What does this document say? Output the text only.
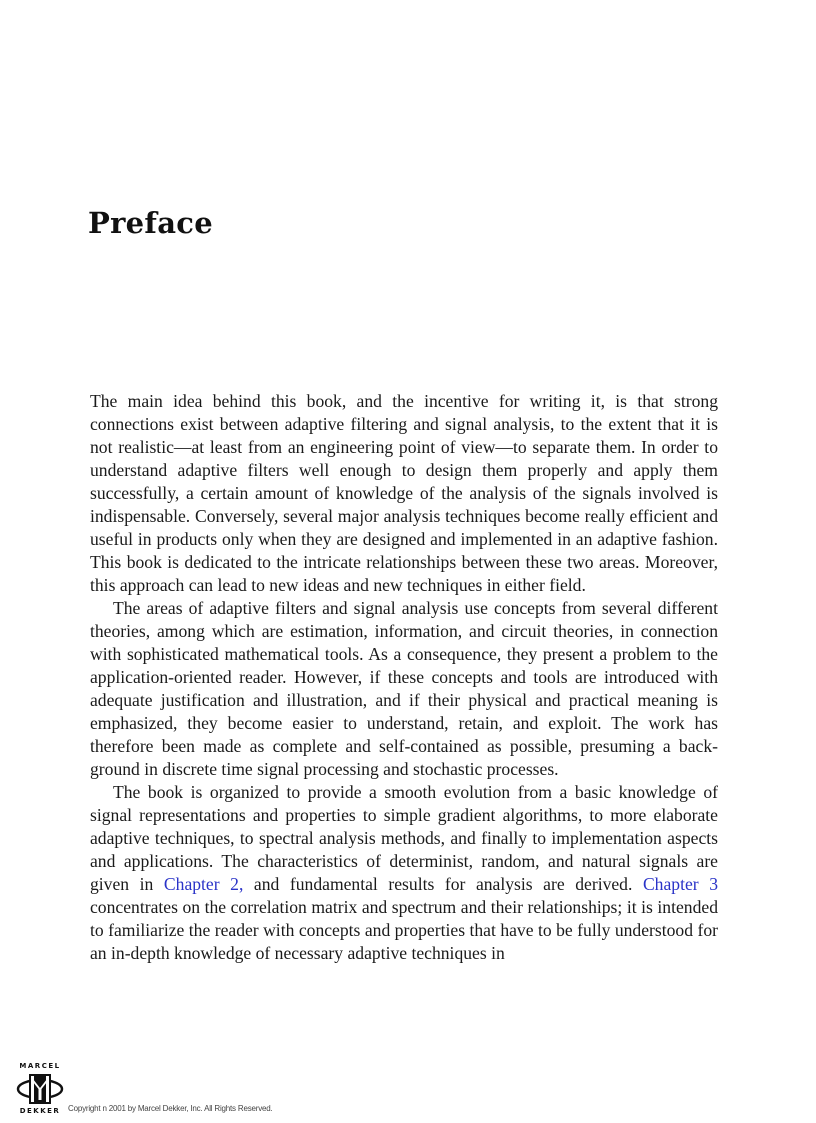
Preface

The main idea behind this book, and the incentive for writing it, is that strong connections exist between adaptive filtering and signal analysis, to the extent that it is not realistic—at least from an engineering point of view—to separate them. In order to understand adaptive filters well enough to design them properly and apply them successfully, a certain amount of knowledge of the analysis of the signals involved is indispensable. Conversely, several major analysis techniques become really efficient and useful in products only when they are designed and implemented in an adaptive fashion. This book is dedicated to the intricate relationships between these two areas. Moreover, this approach can lead to new ideas and new techniques in either field.

The areas of adaptive filters and signal analysis use concepts from several different theories, among which are estimation, information, and circuit theories, in connection with sophisticated mathematical tools. As a consequence, they present a problem to the application-oriented reader. However, if these concepts and tools are introduced with adequate justification and illustration, and if their physical and practical meaning is emphasized, they become easier to understand, retain, and exploit. The work has therefore been made as complete and self-contained as possible, presuming a background in discrete time signal processing and stochastic processes.

The book is organized to provide a smooth evolution from a basic knowledge of signal representations and properties to simple gradient algorithms, to more elaborate adaptive techniques, to spectral analysis methods, and finally to implementation aspects and applications. The characteristics of determinist, random, and natural signals are given in Chapter 2, and fundamental results for analysis are derived. Chapter 3 concentrates on the correlation matrix and spectrum and their relationships; it is intended to familiarize the reader with concepts and properties that have to be fully understood for an in-depth knowledge of necessary adaptive techniques in

MARCEL
DEKKER Copyright n 2001 by Marcel Dekker, Inc. All Rights Reserved.
